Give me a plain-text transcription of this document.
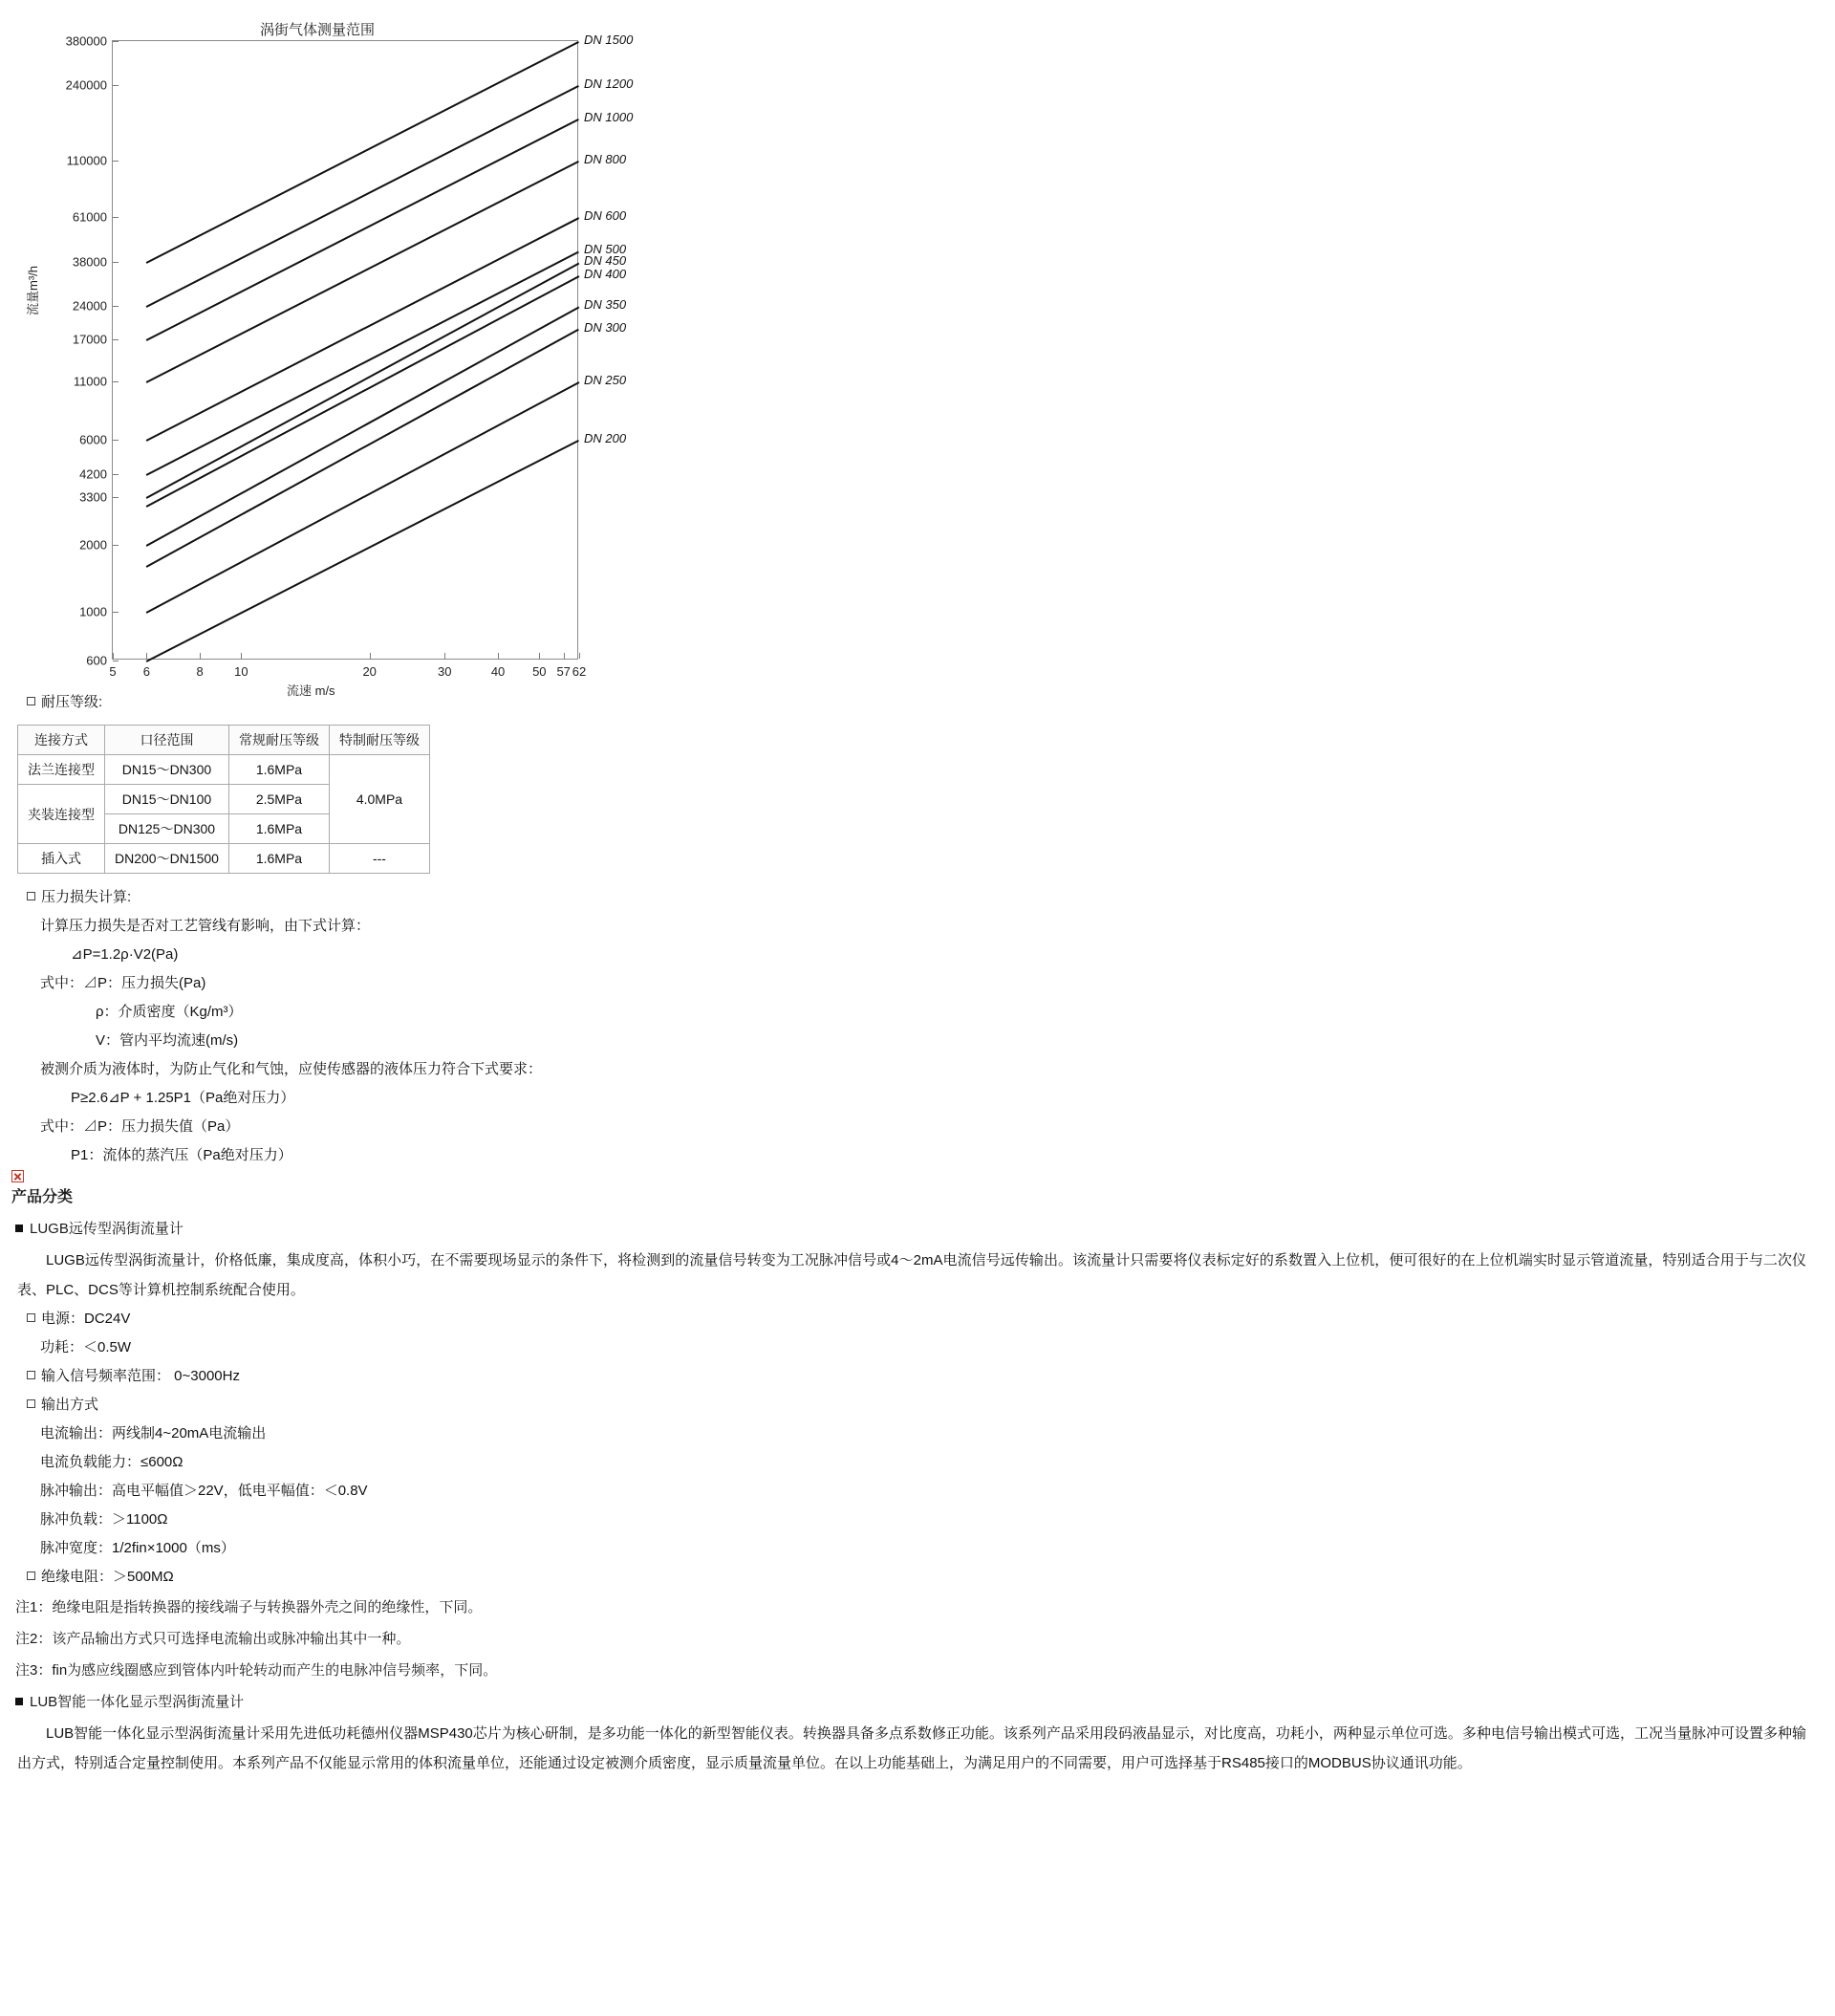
涡街气体测量范围
600
1000
2000
3300
4200
6000
11000
17000
24000
38000
61000
110000
240000
380000
5 6	8 10	20	30	40 50 57 62
流量m³/h
流速 m/s
DN 1500
DN 1200
DN 1000
DN 800
DN 600
DN 500
DN 450
DN 400
DN 350
DN 300
DN 250
DN 200
耐压等级:
连接方式	口径范围	常规耐压等级	特制耐压等级
法兰连接型	DN15～DN300	1.6MPa	4.0MPa
夹装连接型	DN15～DN100	2.5MPa	
	DN125～DN300	1.6MPa	
插入式	DN200～DN1500	1.6MPa	---
压力损失计算:
计算压力损失是否对工艺管线有影响，由下式计算：
⊿P=1.2ρ·V2(Pa)
式中：⊿P：压力损失(Pa)
ρ：介质密度（Kg/m³）
V：管内平均流速(m/s)
被测介质为液体时，为防止气化和气蚀，应使传感器的液体压力符合下式要求：
P≥2.6⊿P + 1.25P1（Pa绝对压力）
式中：⊿P：压力损失值（Pa）
P1：流体的蒸汽压（Pa绝对压力）
产品分类
LUGB远传型涡街流量计
LUGB远传型涡街流量计，价格低廉，集成度高，体积小巧，在不需要现场显示的条件下，将检测到的流量信号转变为工况脉冲信号或4～2mA电流信号远传输出。该流量计只需要将仪表标定好的系数置入上位机，便可很好的在上位机端实时显示管道流量，特别适合用于与二次仪表、PLC、DCS等计算机控制系统配合使用。
电源：DC24V
功耗：＜0.5W
输入信号频率范围： 0~3000Hz
输出方式
电流输出：两线制4~20mA电流输出
电流负载能力：≤600Ω
脉冲输出：高电平幅值＞22V，低电平幅值：＜0.8V
脉冲负载：＞1100Ω
脉冲宽度：1/2fin×1000（ms）
绝缘电阻：＞500MΩ
注1：绝缘电阻是指转换器的接线端子与转换器外壳之间的绝缘性，下同。
注2：该产品输出方式只可选择电流输出或脉冲输出其中一种。
注3：fin为感应线圈感应到管体内叶轮转动而产生的电脉冲信号频率，下同。
LUB智能一体化显示型涡街流量计
LUB智能一体化显示型涡街流量计采用先进低功耗德州仪器MSP430芯片为核心研制，是多功能一体化的新型智能仪表。转换器具备多点系数修正功能。该系列产品采用段码液晶显示，对比度高，功耗小，两种显示单位可选。多种电信号输出模式可选，工况当量脉冲可设置多种输出方式，特别适合定量控制使用。本系列产品不仅能显示常用的体积流量单位，还能通过设定被测介质密度，显示质量流量单位。在以上功能基础上，为满足用户的不同需要，用户可选择基于RS485接口的MODBUS协议通讯功能。
